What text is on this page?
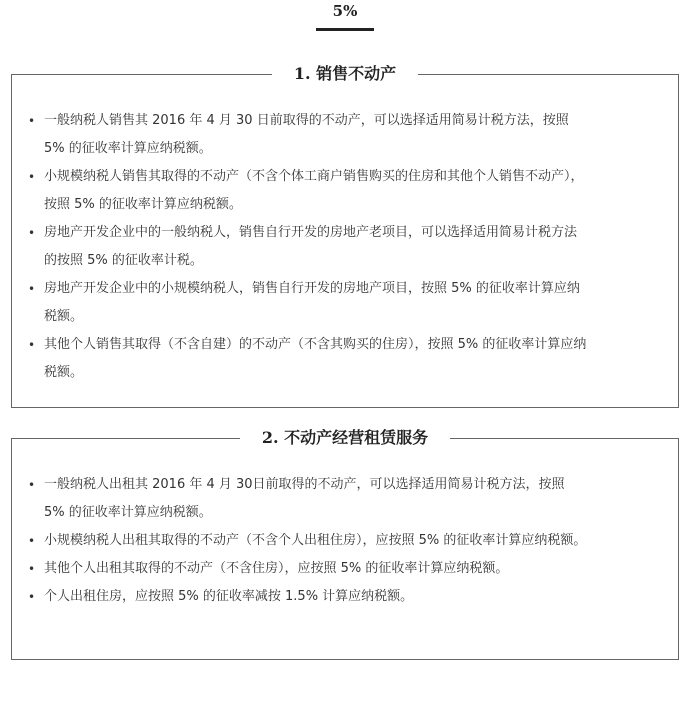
5%
1. 销售不动产
• 一般纳税人销售其 2016 年 4 月 30 日前取得的不动产，可以选择适用简易计税方法，按照 5% 的征收率计算应纳税额。
• 小规模纳税人销售其取得的不动产（不含个体工商户销售购买的住房和其他个人销售不动产），按照 5% 的征收率计算应纳税额。
• 房地产开发企业中的一般纳税人，销售自行开发的房地产老项目，可以选择适用简易计税方法的按照 5% 的征收率计税。
• 房地产开发企业中的小规模纳税人，销售自行开发的房地产项目，按照 5% 的征收率计算应纳税额。
• 其他个人销售其取得（不含自建）的不动产（不含其购买的住房），按照 5% 的征收率计算应纳税额。
2. 不动产经营租赁服务
• 一般纳税人出租其 2016 年 4 月 30日前取得的不动产，可以选择适用简易计税方法，按照 5% 的征收率计算应纳税额。
• 小规模纳税人出租其取得的不动产（不含个人出租住房），应按照 5% 的征收率计算应纳税额。
• 其他个人出租其取得的不动产（不含住房），应按照 5% 的征收率计算应纳税额。
• 个人出租住房，应按照 5% 的征收率减按 1.5% 计算应纳税额。
